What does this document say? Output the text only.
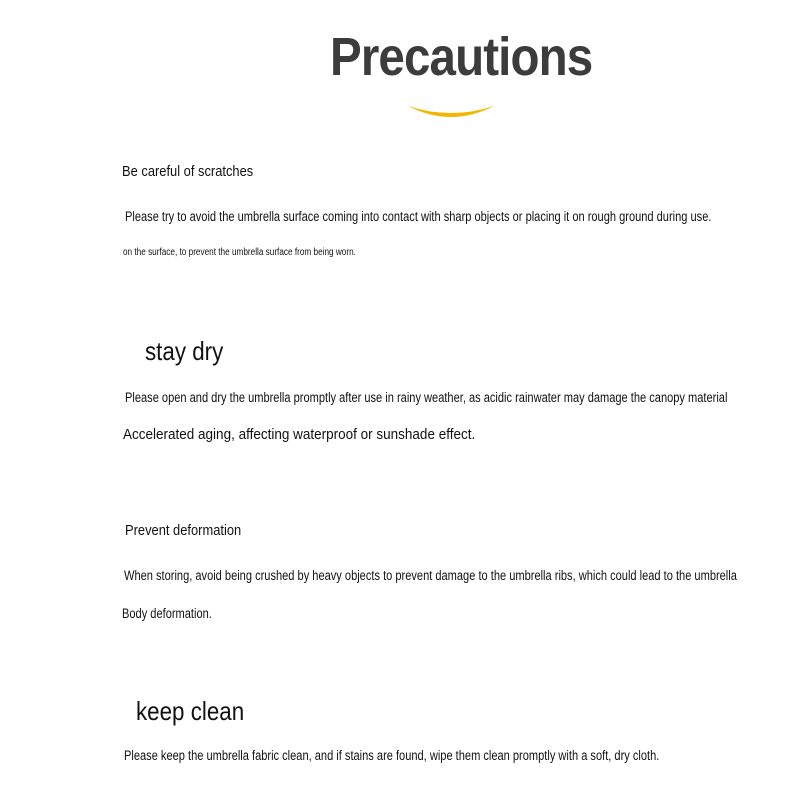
Precautions
Be careful of scratches
Please try to avoid the umbrella surface coming into contact with sharp objects or placing it on rough ground during use.
on the surface, to prevent the umbrella surface from being worn.
stay dry
Please open and dry the umbrella promptly after use in rainy weather, as acidic rainwater may damage the canopy material
Accelerated aging, affecting waterproof or sunshade effect.
Prevent deformation
When storing, avoid being crushed by heavy objects to prevent damage to the umbrella ribs, which could lead to the umbrella
Body deformation.
keep clean
Please keep the umbrella fabric clean, and if stains are found, wipe them clean promptly with a soft, dry cloth.
